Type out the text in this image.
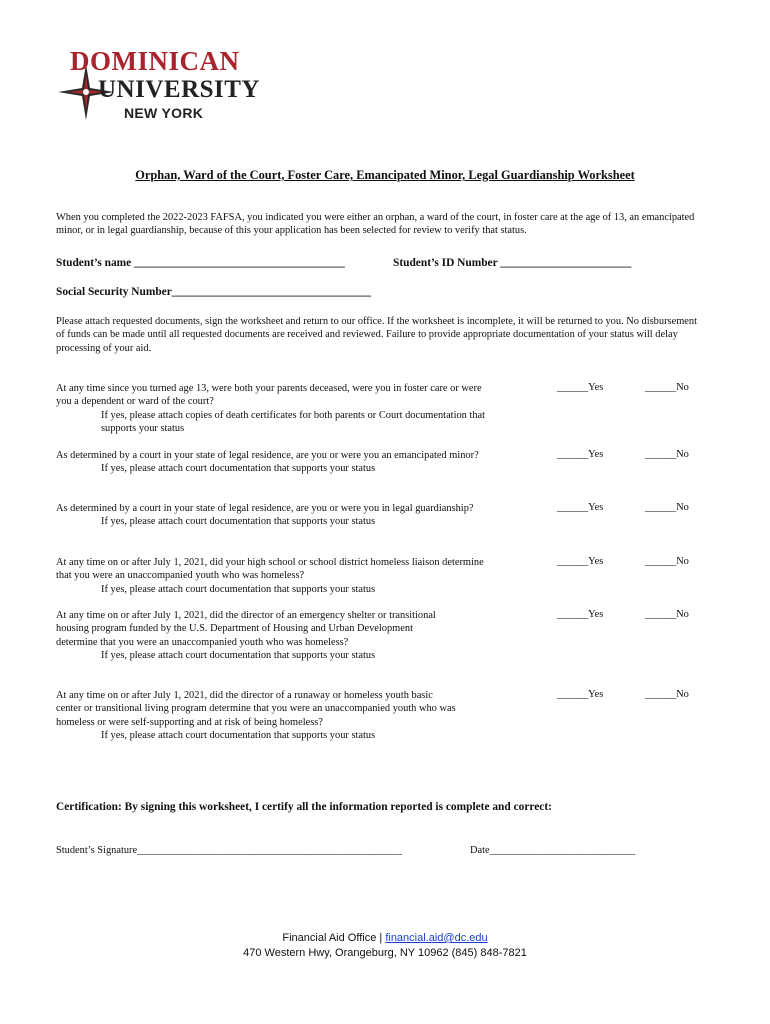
DOMINICAN
UNIVERSITY
NEW YORK
Orphan, Ward of the Court, Foster Care, Emancipated Minor, Legal Guardianship Worksheet
When you completed the 2022-2023 FAFSA, you indicated you were either an orphan, a ward of the court, in foster care at the age of 13, an emancipated minor, or in legal guardianship, because of this your application has been selected for review to verify that status.
Student’s name _____________________________________	Student’s ID Number _______________________
Social Security Number___________________________________
Please attach requested documents, sign the worksheet and return to our office. If the worksheet is incomplete, it will be returned to you. No disbursement of funds can be made until all requested documents are received and reviewed. Failure to provide appropriate documentation of your status will delay processing of your aid.
At any time since you turned age 13, were both your parents deceased, were you in foster care or were you a dependent or ward of the court?
If yes, please attach copies of death certificates for both parents or Court documentation that supports your status
______Yes	______No
As determined by a court in your state of legal residence, are you or were you an emancipated minor?
If yes, please attach court documentation that supports your status
______Yes	______No
As determined by a court in your state of legal residence, are you or were you in legal guardianship?
If yes, please attach court documentation that supports your status
______Yes	______No
At any time on or after July 1, 2021, did your high school or school district homeless liaison determine that you were an unaccompanied youth who was homeless?
If yes, please attach court documentation that supports your status
______Yes	______No
At any time on or after July 1, 2021, did the director of an emergency shelter or transitional housing program funded by the U.S. Department of Housing and Urban Development determine that you were an unaccompanied youth who was homeless?
If yes, please attach court documentation that supports your status
______Yes	______No
At any time on or after July 1, 2021, did the director of a runaway or homeless youth basic center or transitional living program determine that you were an unaccompanied youth who was homeless or were self-supporting and at risk of being homeless?
If yes, please attach court documentation that supports your status
______Yes	______No
Certification: By signing this worksheet, I certify all the information reported is complete and correct:
Student’s Signature___________________________________________________	Date____________________________
Financial Aid Office | financial.aid@dc.edu
470 Western Hwy, Orangeburg, NY 10962 (845) 848-7821
